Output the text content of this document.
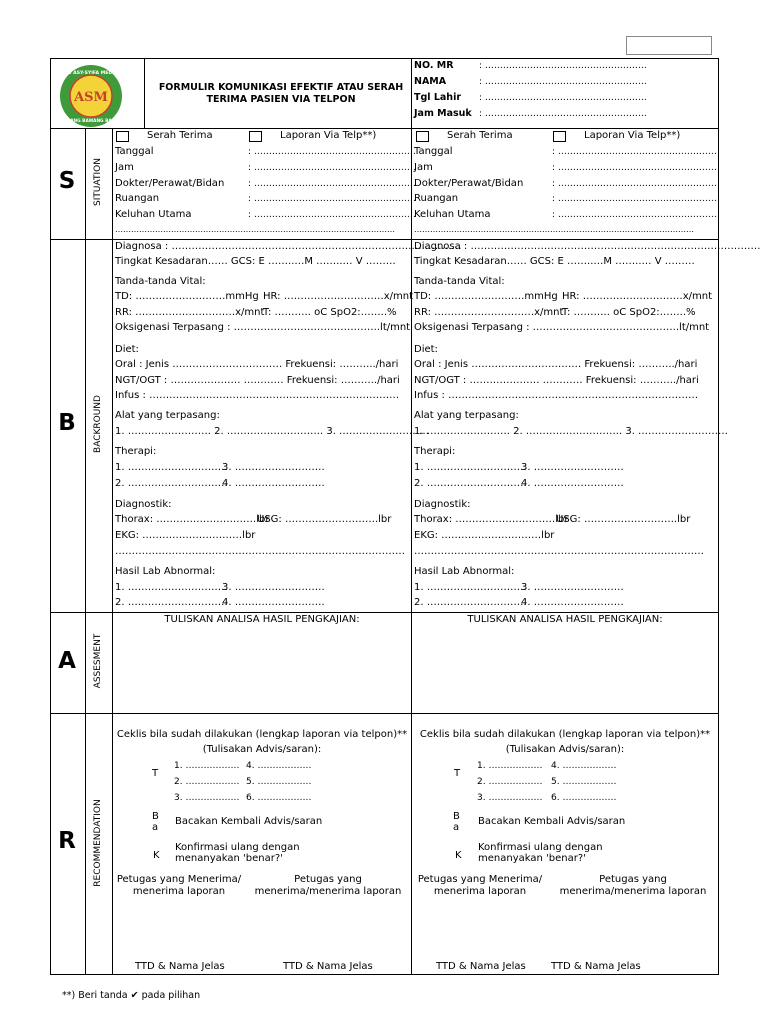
ASM
RSU ASY-SYIFA MEDIKA
TULANG BAWANG BARAT
FORMULIR KOMUNIKASI EFEKTIF ATAU SERAH
TERIMA PASIEN VIA TELPON
NO. MR	: ………………………………………………
NAMA	: ………………………………………………
Tgl Lahir : ………………………………………………
Jam Masuk : ………………………………………………
S
B
A
R
SITUATION
BACKROUND
ASSESMENT
RECOMMENDATION
Serah Terima	Laporan Via Telp**)
Tanggal	: ………………………………………………
Jam	: ………………………………………………
Dokter/Perawat/Bidan	: ………………………………………………
Ruangan	: ………………………………………………
Keluhan Utama	: ………………………………………………
……………………………………………………………………………………………
Serah Terima	Laporan Via Telp**)
Tanggal	: ………………………………………………
Jam	: ………………………………………………
Dokter/Perawat/Bidan	: ………………………………………………
Ruangan	: ………………………………………………
Keluhan Utama	: ………………………………………………
……………………………………………………………………………………………
Diagnosa : ……………………………………………………………………………
Tingkat Kesadaran…… GCS: E ……..…M ……..… V ………
Tanda-tanda Vital:
TD: ………………………mmHg HR: …………………………x/mnt
RR: …………………………x/mnt
T: ……….. oC SpO2:……..%
Oksigenasi Terpasang : ……………………………………..lt/mnt
Diet:
Oral : Jenis …………………………… Frekuensi: ………../hari
NGT/OGT : ………………… ………… Frekuensi: ………../hari
Infus : …………………………………………………………………
Alat yang terpasang:
1. ……………………. 2. ……………………….. 3. ………………………
Therapi:
1. …………………………
3. ………………………
2. …………………………
4. ………………………
Diagnostik:
Thorax: …………………………lbr
USG: ……………………….lbr
EKG: …………………………lbr
……………………………………………………………………………
Hasil Lab Abnormal:
1. …………………………
3. ………………………
2. …………………………
4. ………………………
Diagnosa : ……………………………………………………………………………
Tingkat Kesadaran…… GCS: E ……..…M ……..… V ………
Tanda-tanda Vital:
TD: ………………………mmHg HR: …………………………x/mnt
RR: …………………………x/mnt
T: ……….. oC SpO2:……..%
Oksigenasi Terpasang : ……………………………………..lt/mnt
Diet:
Oral : Jenis …………………………… Frekuensi: ………../hari
NGT/OGT : ………………… ………… Frekuensi: ………../hari
Infus : …………………………………………………………………
Alat yang terpasang:
1. ……………………. 2. ……………………….. 3. ………………………
Therapi:
1. …………………………
3. ………………………
2. …………………………
4. ………………………
Diagnostik:
Thorax: …………………………lbr
USG: ……………………….lbr
EKG: …………………………lbr
……………………………………………………………………………
Hasil Lab Abnormal:
1. …………………………
3. ………………………
2. …………………………
4. ………………………
TULISKAN ANALISA HASIL PENGKAJIAN:	TULISKAN ANALISA HASIL PENGKAJIAN:
Ceklis bila sudah dilakukan (lengkap laporan via telpon)**
(Tulisakan Advis/saran):
T
1. ……………… 4. ………………
2. ……………… 5. ………………
3. ……………… 6. ………………
B
a
Bacakan Kembali Advis/saran
K
Konfirmasi ulang dengan
menanyakan 'benar?'
Petugas yang Menerima/
menerima laporan
Petugas yang
menerima/menerima laporan
TTD & Nama Jelas	TTD & Nama Jelas
Ceklis bila sudah dilakukan (lengkap laporan via telpon)**
(Tulisakan Advis/saran):
T
1. ……………… 4. ………………
2. ……………… 5. ………………
3. ……………… 6. ………………
B
a
Bacakan Kembali Advis/saran
K
Konfirmasi ulang dengan
menanyakan 'benar?'
Petugas yang Menerima/
menerima laporan
Petugas yang
menerima/menerima laporan
TTD & Nama Jelas	TTD & Nama Jelas
**) Beri tanda ✔ pada pilihan
